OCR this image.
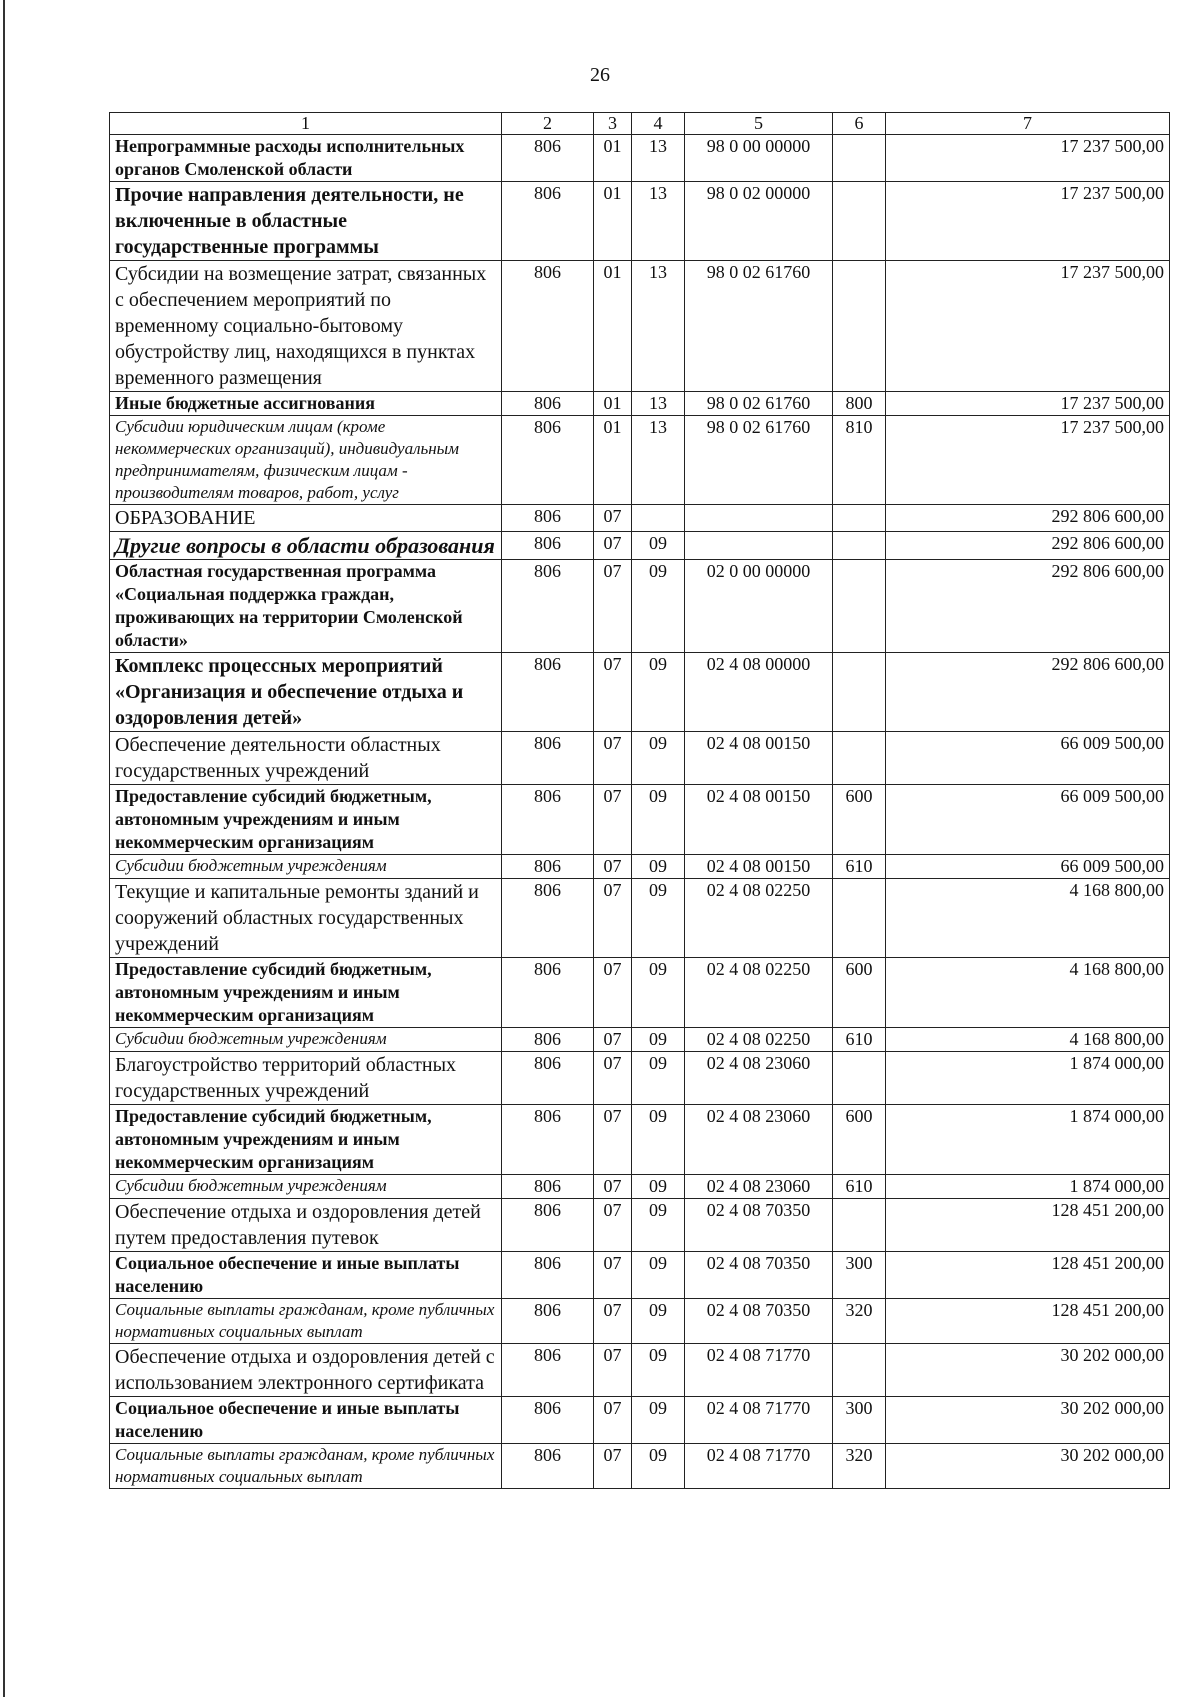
26
1	2	3	4	5	6	7
Непрограммные расходы исполнительных органов Смоленской области	806	01	13	98 0 00 00000		17 237 500,00
Прочие направления деятельности, не включенные в областные государственные программы	806	01	13	98 0 02 00000		17 237 500,00
Субсидии на возмещение затрат, связанных с обеспечением мероприятий по временному социально-бытовому обустройству лиц, находящихся в пунктах временного размещения	806	01	13	98 0 02 61760		17 237 500,00
Иные бюджетные ассигнования	806	01	13	98 0 02 61760	800	17 237 500,00
Субсидии юридическим лицам (кроме некоммерческих организаций), индивидуальным предпринимателям, физическим лицам - производителям товаров, работ, услуг	806	01	13	98 0 02 61760	810	17 237 500,00
ОБРАЗОВАНИЕ	806	07				292 806 600,00
Другие вопросы в области образования	806	07	09			292 806 600,00
Областная государственная программа «Социальная поддержка граждан, проживающих на территории Смоленской области»	806	07	09	02 0 00 00000		292 806 600,00
Комплекс процессных мероприятий «Организация и обеспечение отдыха и оздоровления детей»	806	07	09	02 4 08 00000		292 806 600,00
Обеспечение деятельности областных государственных учреждений	806	07	09	02 4 08 00150		66 009 500,00
Предоставление субсидий бюджетным, автономным учреждениям и иным некоммерческим организациям	806	07	09	02 4 08 00150	600	66 009 500,00
Субсидии бюджетным учреждениям	806	07	09	02 4 08 00150	610	66 009 500,00
Текущие и капитальные ремонты зданий и сооружений областных государственных учреждений	806	07	09	02 4 08 02250		4 168 800,00
Предоставление субсидий бюджетным, автономным учреждениям и иным некоммерческим организациям	806	07	09	02 4 08 02250	600	4 168 800,00
Субсидии бюджетным учреждениям	806	07	09	02 4 08 02250	610	4 168 800,00
Благоустройство территорий областных государственных учреждений	806	07	09	02 4 08 23060		1 874 000,00
Предоставление субсидий бюджетным, автономным учреждениям и иным некоммерческим организациям	806	07	09	02 4 08 23060	600	1 874 000,00
Субсидии бюджетным учреждениям	806	07	09	02 4 08 23060	610	1 874 000,00
Обеспечение отдыха и оздоровления детей путем предоставления путевок	806	07	09	02 4 08 70350		128 451 200,00
Социальное обеспечение и иные выплаты населению	806	07	09	02 4 08 70350	300	128 451 200,00
Социальные выплаты гражданам, кроме публичных нормативных социальных выплат	806	07	09	02 4 08 70350	320	128 451 200,00
Обеспечение отдыха и оздоровления детей с использованием электронного сертификата	806	07	09	02 4 08 71770		30 202 000,00
Социальное обеспечение и иные выплаты населению	806	07	09	02 4 08 71770	300	30 202 000,00
Социальные выплаты гражданам, кроме публичных нормативных социальных выплат	806	07	09	02 4 08 71770	320	30 202 000,00
